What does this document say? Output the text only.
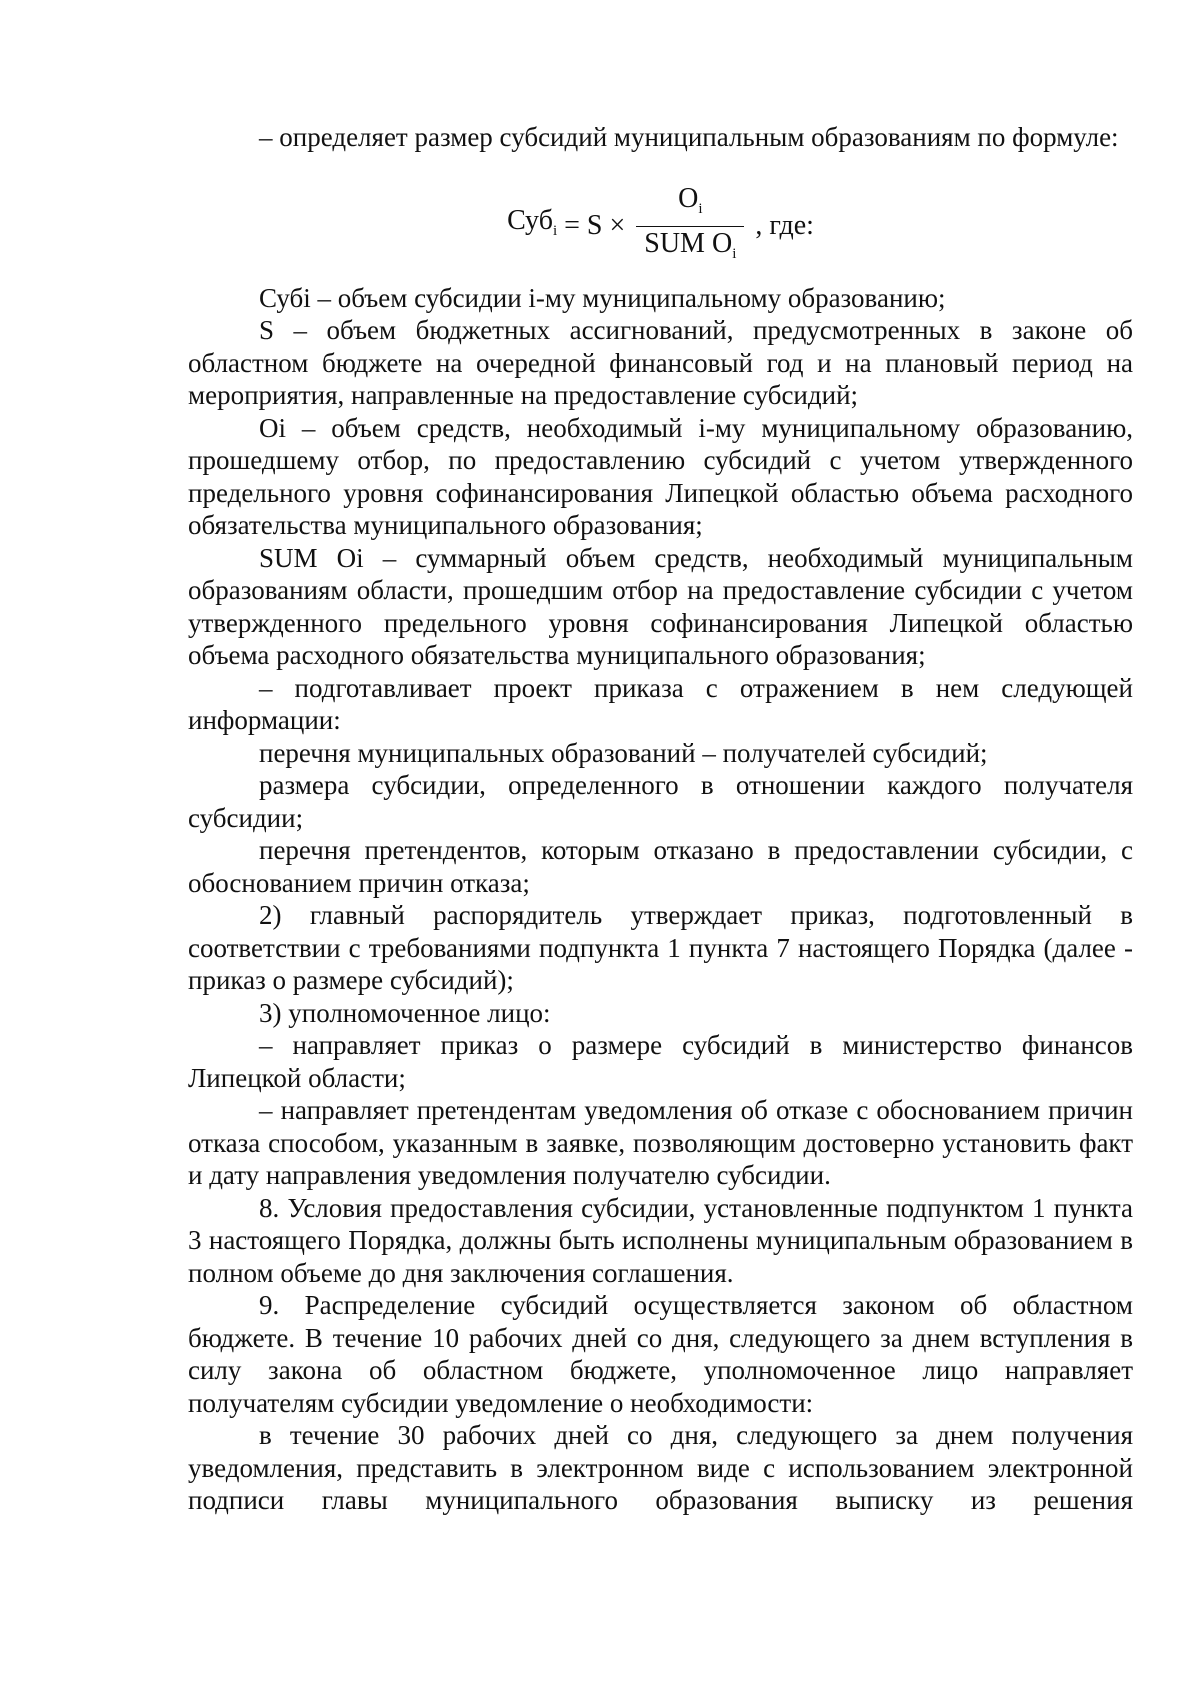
– определяет размер субсидий муниципальным образованиям по формуле:

$Суб_i = S \times \frac{O_i}{SUM O_i}$ , где:

Субi – объем субсидии i-му муниципальному образованию;

S – объем бюджетных ассигнований, предусмотренных в законе об областном бюджете на очередной финансовый год и на плановый период на мероприятия, направленные на предоставление субсидий;

Oi – объем средств, необходимый i-му муниципальному образованию, прошедшему отбор, по предоставлению субсидий с учетом утвержденного предельного уровня софинансирования Липецкой областью объема расходного обязательства муниципального образования;

SUM Oi – суммарный объем средств, необходимый муниципальным образованиям области, прошедшим отбор на предоставление субсидии с учетом утвержденного предельного уровня софинансирования Липецкой областью объема расходного обязательства муниципального образования;

– подготавливает проект приказа с отражением в нем следующей информации:

перечня муниципальных образований – получателей субсидий;

размера субсидии, определенного в отношении каждого получателя субсидии;

перечня претендентов, которым отказано в предоставлении субсидии, с обоснованием причин отказа;

2) главный распорядитель утверждает приказ, подготовленный в соответствии с требованиями подпункта 1 пункта 7 настоящего Порядка (далее - приказ о размере субсидий);

3) уполномоченное лицо:

– направляет приказ о размере субсидий в министерство финансов Липецкой области;

– направляет претендентам уведомления об отказе с обоснованием причин отказа способом, указанным в заявке, позволяющим достоверно установить факт и дату направления уведомления получателю субсидии.

8. Условия предоставления субсидии, установленные подпунктом 1 пункта 3 настоящего Порядка, должны быть исполнены муниципальным образованием в полном объеме до дня заключения соглашения.

9. Распределение субсидий осуществляется законом об областном бюджете. В течение 10 рабочих дней со дня, следующего за днем вступления в силу закона об областном бюджете, уполномоченное лицо направляет получателям субсидии уведомление о необходимости:

в течение 30 рабочих дней со дня, следующего за днем получения уведомления, представить в электронном виде с использованием электронной подписи главы муниципального образования выписку из решения
